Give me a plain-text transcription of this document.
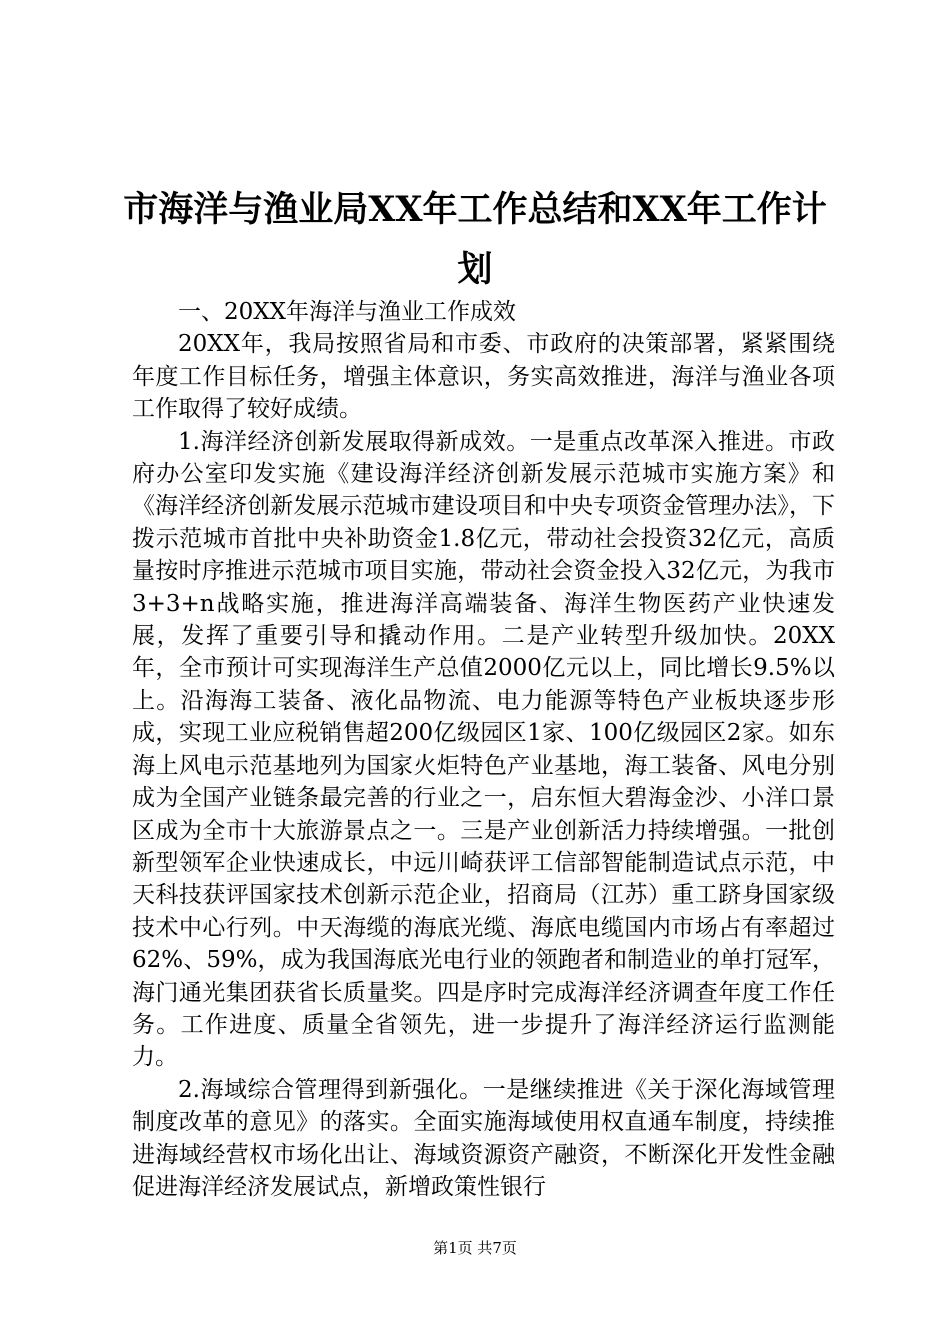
市海洋与渔业局XX年工作总结和XX年工作计划

一、20XX年海洋与渔业工作成效

20XX年，我局按照省局和市委、市政府的决策部署，紧紧围绕年度工作目标任务，增强主体意识，务实高效推进，海洋与渔业各项工作取得了较好成绩。

1.海洋经济创新发展取得新成效。一是重点改革深入推进。市政府办公室印发实施《建设海洋经济创新发展示范城市实施方案》和《海洋经济创新发展示范城市建设项目和中央专项资金管理办法》，下拨示范城市首批中央补助资金1.8亿元，带动社会投资32亿元，高质量按时序推进示范城市项目实施，带动社会资金投入32亿元，为我市3+3+n战略实施，推进海洋高端装备、海洋生物医药产业快速发展，发挥了重要引导和撬动作用。二是产业转型升级加快。20XX年，全市预计可实现海洋生产总值2000亿元以上，同比增长9.5%以上。沿海海工装备、液化品物流、电力能源等特色产业板块逐步形成，实现工业应税销售超200亿级园区1家、100亿级园区2家。如东海上风电示范基地列为国家火炬特色产业基地，海工装备、风电分别成为全国产业链条最完善的行业之一，启东恒大碧海金沙、小洋口景区成为全市十大旅游景点之一。三是产业创新活力持续增强。一批创新型领军企业快速成长，中远川崎获评工信部智能制造试点示范，中天科技获评国家技术创新示范企业，招商局（江苏）重工跻身国家级技术中心行列。中天海缆的海底光缆、海底电缆国内市场占有率超过62%、59%，成为我国海底光电行业的领跑者和制造业的单打冠军，海门通光集团获省长质量奖。四是序时完成海洋经济调查年度工作任务。工作进度、质量全省领先，进一步提升了海洋经济运行监测能力。

2.海域综合管理得到新强化。一是继续推进《关于深化海域管理制度改革的意见》的落实。全面实施海域使用权直通车制度，持续推进海域经营权市场化出让、海域资源资产融资，不断深化开发性金融促进海洋经济发展试点，新增政策性银行

第1页 共7页
